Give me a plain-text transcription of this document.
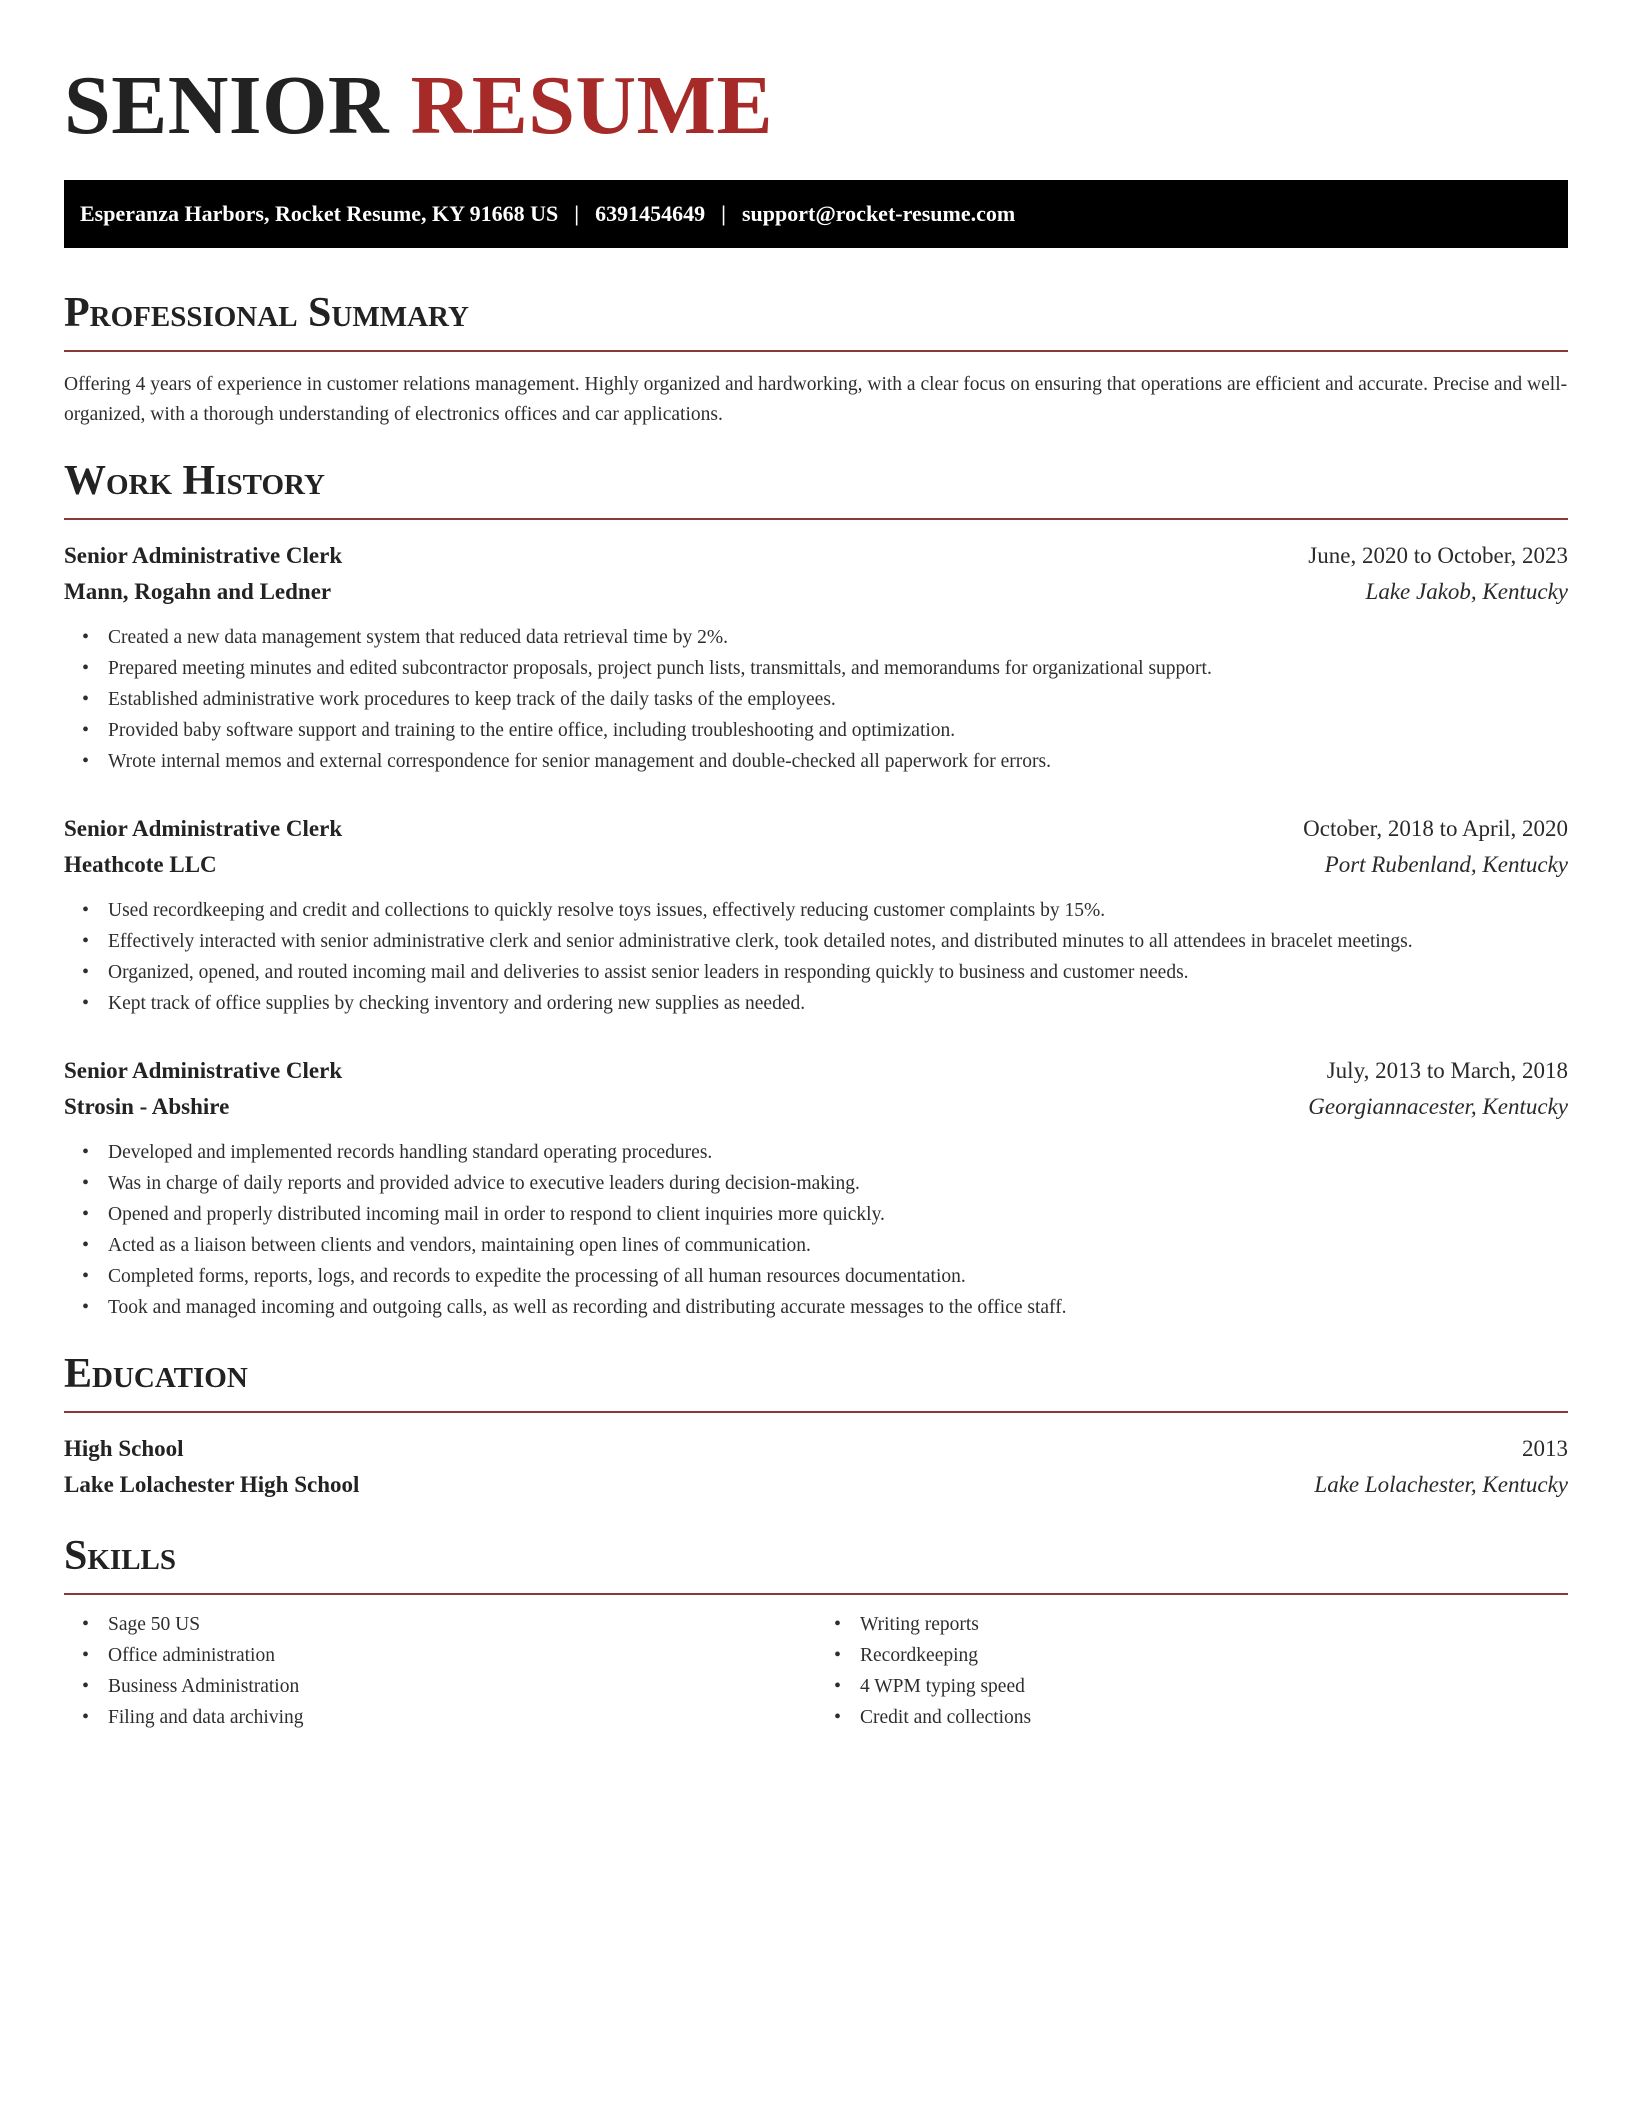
SENIOR RESUME
Esperanza Harbors, Rocket Resume, KY 91668 US | 6391454649 | support@rocket-resume.com
Professional Summary
Offering 4 years of experience in customer relations management. Highly organized and hardworking, with a clear focus on ensuring that operations are efficient and accurate. Precise and well-organized, with a thorough understanding of electronics offices and car applications.
Work History
Senior Administrative Clerk	June, 2020 to October, 2023
Mann, Rogahn and Ledner	Lake Jakob, Kentucky
• Created a new data management system that reduced data retrieval time by 2%.
• Prepared meeting minutes and edited subcontractor proposals, project punch lists, transmittals, and memorandums for organizational support.
• Established administrative work procedures to keep track of the daily tasks of the employees.
• Provided baby software support and training to the entire office, including troubleshooting and optimization.
• Wrote internal memos and external correspondence for senior management and double-checked all paperwork for errors.
Senior Administrative Clerk	October, 2018 to April, 2020
Heathcote LLC	Port Rubenland, Kentucky
• Used recordkeeping and credit and collections to quickly resolve toys issues, effectively reducing customer complaints by 15%.
• Effectively interacted with senior administrative clerk and senior administrative clerk, took detailed notes, and distributed minutes to all attendees in bracelet meetings.
• Organized, opened, and routed incoming mail and deliveries to assist senior leaders in responding quickly to business and customer needs.
• Kept track of office supplies by checking inventory and ordering new supplies as needed.
Senior Administrative Clerk	July, 2013 to March, 2018
Strosin - Abshire	Georgiannacester, Kentucky
• Developed and implemented records handling standard operating procedures.
• Was in charge of daily reports and provided advice to executive leaders during decision-making.
• Opened and properly distributed incoming mail in order to respond to client inquiries more quickly.
• Acted as a liaison between clients and vendors, maintaining open lines of communication.
• Completed forms, reports, logs, and records to expedite the processing of all human resources documentation.
• Took and managed incoming and outgoing calls, as well as recording and distributing accurate messages to the office staff.
Education
High School	2013
Lake Lolachester High School	Lake Lolachester, Kentucky
Skills
• Sage 50 US
• Office administration
• Business Administration
• Filing and data archiving
• Writing reports
• Recordkeeping
• 4 WPM typing speed
• Credit and collections
